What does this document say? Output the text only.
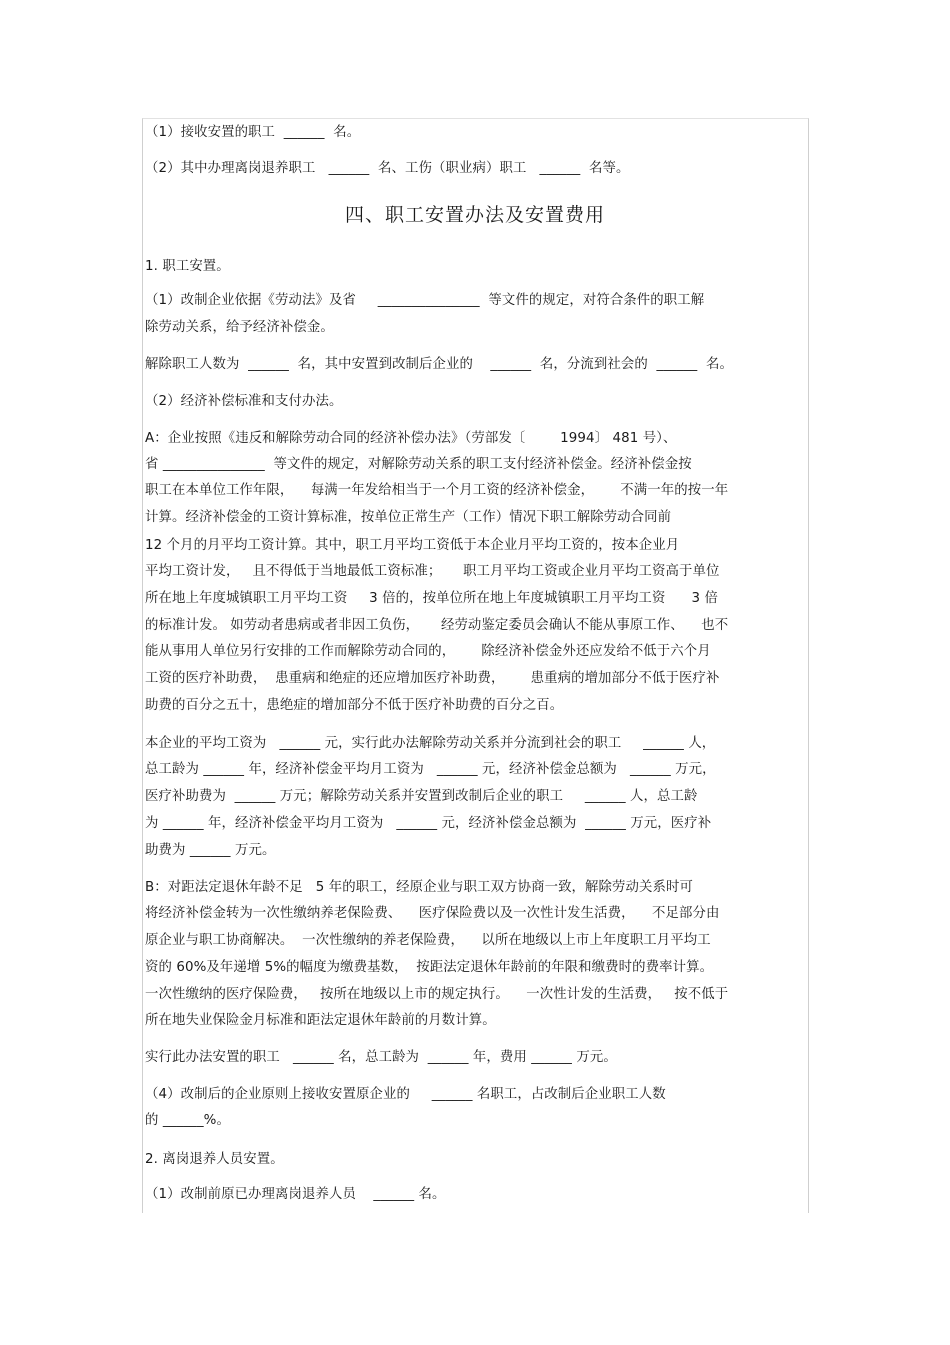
（1）接收安置的职工  ______  名。
（2）其中办理离岗退养职工   ______  名、工伤（职业病）职工   ______  名等。
四、职工安置办法及安置费用
1. 职工安置。
（1）改制企业依据《劳动法》及省     _______________  等文件的规定，对符合条件的职工解
除劳动关系，给予经济补偿金。
解除职工人数为  ______  名，其中安置到改制后企业的    ______  名，分流到社会的  ______  名。
（2）经济补偿标准和支付办法。
A：企业按照《违反和解除劳动合同的经济补偿办法》（劳部发〔        1994〕 481 号）、
省 _______________  等文件的规定，对解除劳动关系的职工支付经济补偿金。经济补偿金按
职工在本单位工作年限，    每满一年发给相当于一个月工资的经济补偿金，      不满一年的按一年
计算。经济补偿金的工资计算标准，按单位正常生产（工作）情况下职工解除劳动合同前
12 个月的月平均工资计算。其中，职工月平均工资低于本企业月平均工资的，按本企业月
平均工资计发，   且不得低于当地最低工资标准；     职工月平均工资或企业月平均工资高于单位
所在地上年度城镇职工月平均工资     3 倍的，按单位所在地上年度城镇职工月平均工资      3 倍
的标准计发。 如劳动者患病或者非因工负伤，     经劳动鉴定委员会确认不能从事原工作、    也不
能从事用人单位另行安排的工作而解除劳动合同的，      除经济补偿金外还应发给不低于六个月
工资的医疗补助费，  患重病和绝症的还应增加医疗补助费，      患重病的增加部分不低于医疗补
助费的百分之五十，患绝症的增加部分不低于医疗补助费的百分之百。
本企业的平均工资为   ______ 元，实行此办法解除劳动关系并分流到社会的职工     ______ 人，
总工龄为 ______ 年，经济补偿金平均月工资为   ______ 元，经济补偿金总额为   ______ 万元，
医疗补助费为  ______ 万元；解除劳动关系并安置到改制后企业的职工     ______ 人，总工龄
为 ______ 年，经济补偿金平均月工资为   ______ 元，经济补偿金总额为  ______ 万元，医疗补
助费为 ______ 万元。
B：对距法定退休年龄不足   5 年的职工，经原企业与职工双方协商一致，解除劳动关系时可
将经济补偿金转为一次性缴纳养老保险费、    医疗保险费以及一次性计发生活费，    不足部分由
原企业与职工协商解决。  一次性缴纳的养老保险费，    以所在地级以上市上年度职工月平均工
资的 60%及年递增 5%的幅度为缴费基数，  按距法定退休年龄前的年限和缴费时的费率计算。
一次性缴纳的医疗保险费，   按所在地级以上市的规定执行。    一次性计发的生活费，   按不低于
所在地失业保险金月标准和距法定退休年龄前的月数计算。
实行此办法安置的职工   ______ 名，总工龄为  ______ 年，费用 ______ 万元。
（4）改制后的企业原则上接收安置原企业的     ______ 名职工，占改制后企业职工人数
的 ______%。
2. 离岗退养人员安置。
（1）改制前原已办理离岗退养人员    ______ 名。
